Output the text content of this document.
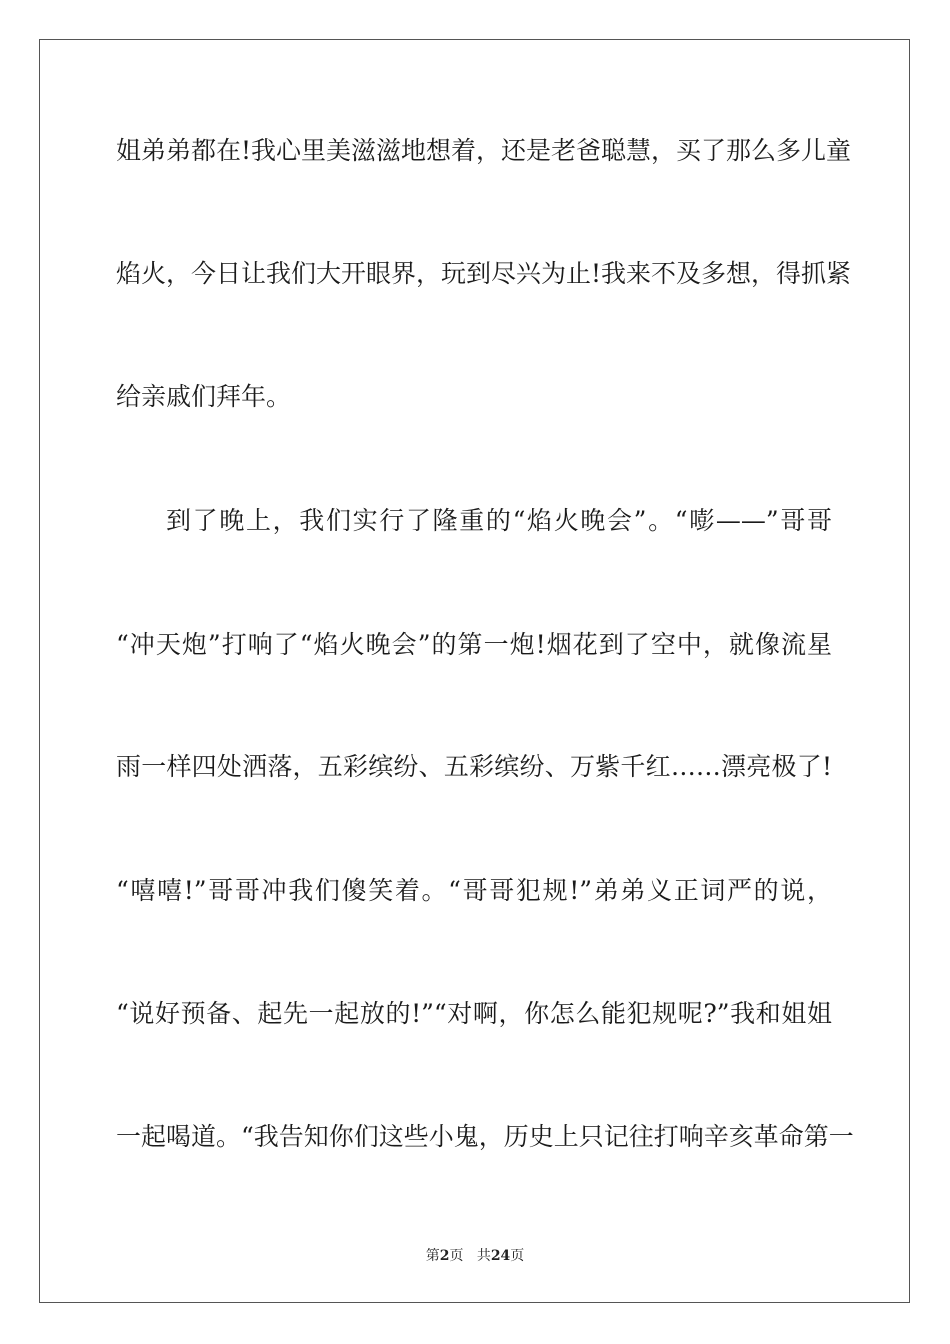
姐弟弟都在!我心里美滋滋地想着，还是老爸聪慧，买了那么多儿童
焰火，今日让我们大开眼界，玩到尽兴为止!我来不及多想，得抓紧
给亲戚们拜年。
到了晚上，我们实行了隆重的“焰火晚会”。“嘭——”哥哥
“冲天炮”打响了“焰火晚会”的第一炮!烟花到了空中，就像流星
雨一样四处洒落，五彩缤纷、五彩缤纷、万紫千红……漂亮极了!
“嘻嘻!”哥哥冲我们傻笑着。“哥哥犯规!”弟弟义正词严的说，
“说好预备、起先一起放的!”“对啊，你怎么能犯规呢?”我和姐姐
一起喝道。“我告知你们这些小鬼，历史上只记往打响辛亥革命第一
第2页 共24页
